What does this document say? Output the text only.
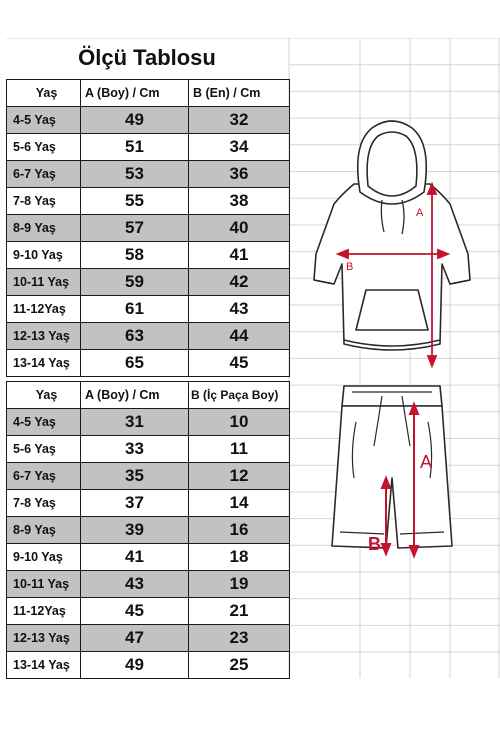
Ölçü Tablosu
Yaş	A (Boy) / Cm	B (En) / Cm
4-5 Yaş	49	32
5-6 Yaş	51	34
6-7 Yaş	53	36
7-8 Yaş	55	38
8-9 Yaş	57	40
9-10 Yaş	58	41
10-11 Yaş	59	42
11-12Yaş	61	43
12-13 Yaş	63	44
13-14 Yaş	65	45
Yaş	A (Boy) / Cm	B (İç Paça Boy)
4-5 Yaş	31	10
5-6 Yaş	33	11
6-7 Yaş	35	12
7-8 Yaş	37	14
8-9 Yaş	39	16
9-10 Yaş	41	18
10-11 Yaş	43	19
11-12Yaş	45	21
12-13 Yaş	47	23
13-14 Yaş	49	25
A
B
A
B
